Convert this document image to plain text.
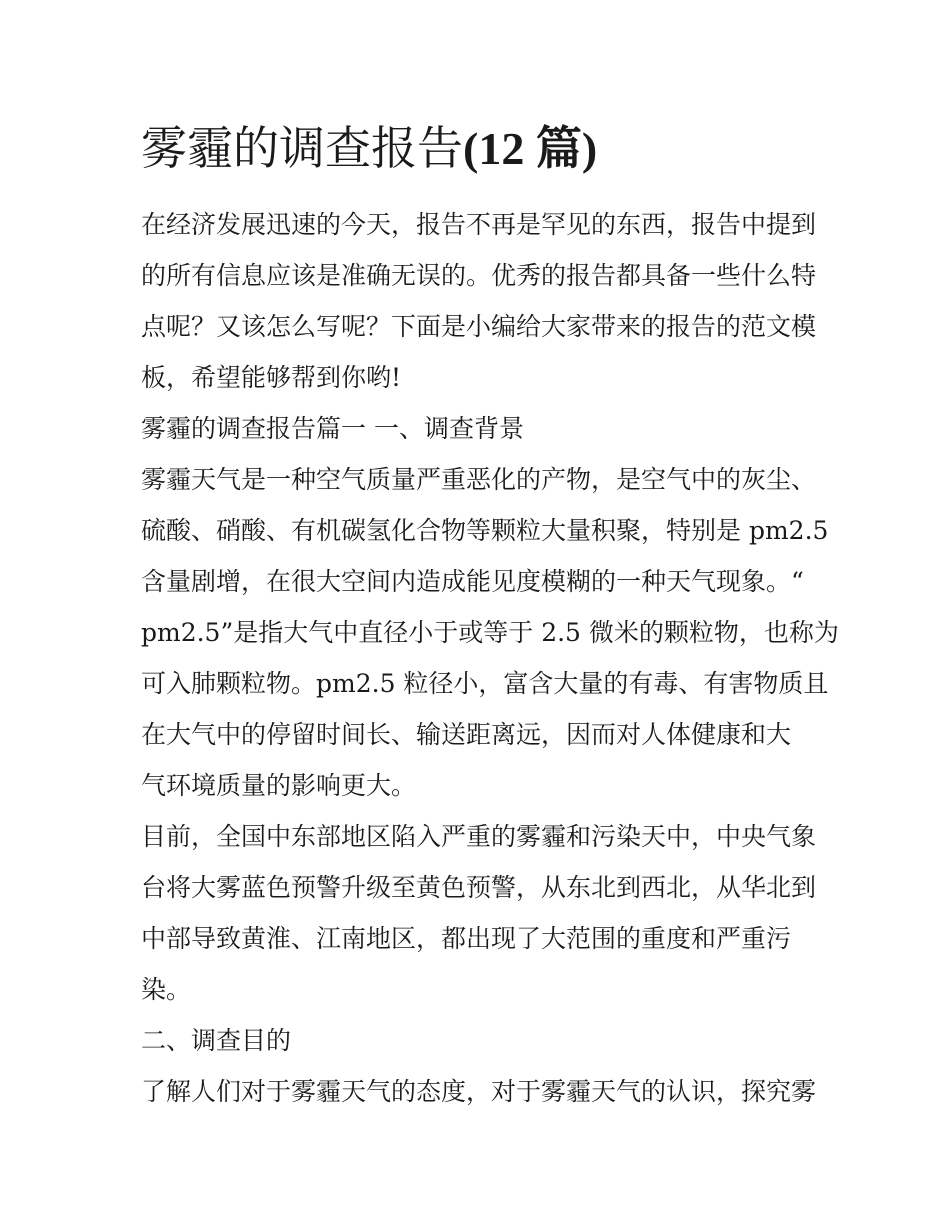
雾霾的调查报告(12 篇)

在经济发展迅速的今天，报告不再是罕见的东西，报告中提到
的所有信息应该是准确无误的。优秀的报告都具备一些什么特
点呢？又该怎么写呢？下面是小编给大家带来的报告的范文模
板，希望能够帮到你哟!

雾霾的调查报告篇一 一、调查背景

雾霾天气是一种空气质量严重恶化的产物，是空气中的灰尘、
硫酸、硝酸、有机碳氢化合物等颗粒大量积聚，特别是 pm2.5
含量剧增，在很大空间内造成能见度模糊的一种天气现象。“
pm2.5”是指大气中直径小于或等于 2.5 微米的颗粒物，也称为
可入肺颗粒物。pm2.5 粒径小，富含大量的有毒、有害物质且
在大气中的停留时间长、输送距离远，因而对人体健康和大
气环境质量的影响更大。

目前，全国中东部地区陷入严重的雾霾和污染天中，中央气象
台将大雾蓝色预警升级至黄色预警，从东北到西北，从华北到
中部导致黄淮、江南地区，都出现了大范围的重度和严重污
染。

二、调查目的

了解人们对于雾霾天气的态度，对于雾霾天气的认识，探究雾
